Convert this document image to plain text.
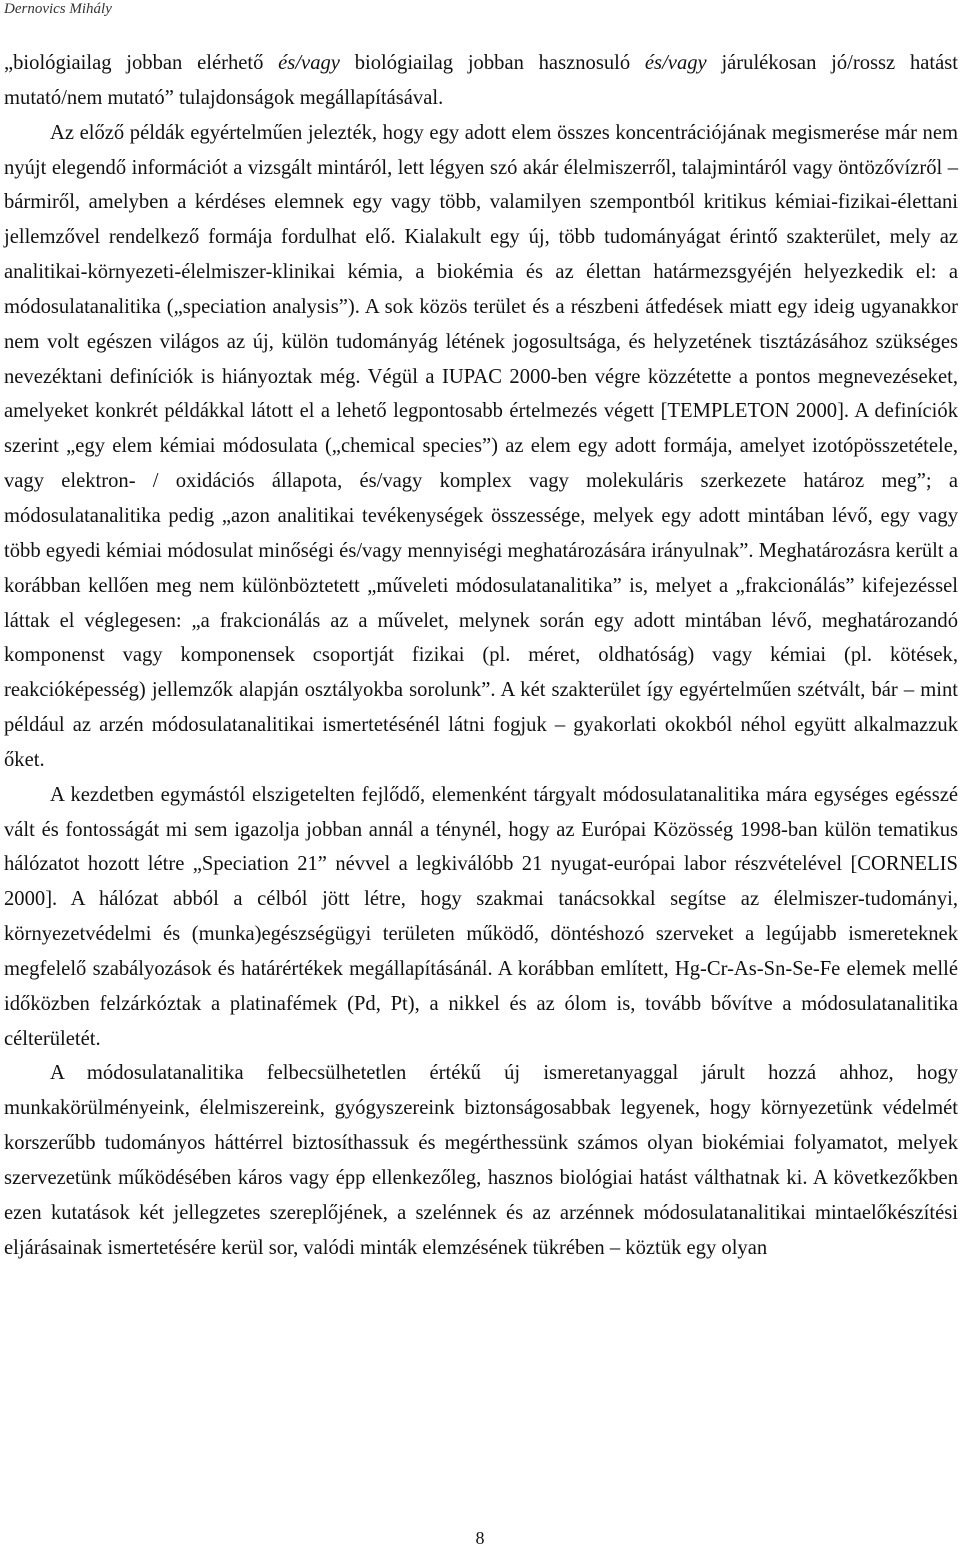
Dernovics Mihály

„biológiailag jobban elérhető és/vagy biológiailag jobban hasznosuló és/vagy járulékosan jó/rossz hatást mutató/nem mutató” tulajdonságok megállapításával.

Az előző példák egyértelműen jelezték, hogy egy adott elem összes koncentrációjának megismerése már nem nyújt elegendő információt a vizsgált mintáról, lett légyen szó akár élelmiszerről, talajmintáról vagy öntözővízről – bármiről, amelyben a kérdéses elemnek egy vagy több, valamilyen szempontból kritikus kémiai-fizikai-élettani jellemzővel rendelkező formája fordulhat elő. Kialakult egy új, több tudományágat érintő szakterület, mely az analitikai-környezeti-élelmiszer-klinikai kémia, a biokémia és az élettan határmezsgyéjén helyezkedik el: a módosulatanalitika („speciation analysis”). A sok közös terület és a részbeni átfedések miatt egy ideig ugyanakkor nem volt egészen világos az új, külön tudományág létének jogosultsága, és helyzetének tisztázásához szükséges nevezéktani definíciók is hiányoztak még. Végül a IUPAC 2000-ben végre közzétette a pontos megnevezéseket, amelyeket konkrét példákkal látott el a lehető legpontosabb értelmezés végett [TEMPLETON 2000]. A definíciók szerint „egy elem kémiai módosulata („chemical species”) az elem egy adott formája, amelyet izotópösszetétele, vagy elektron- / oxidációs állapota, és/vagy komplex vagy molekuláris szerkezete határoz meg”; a módosulatanalitika pedig „azon analitikai tevékenységek összessége, melyek egy adott mintában lévő, egy vagy több egyedi kémiai módosulat minőségi és/vagy mennyiségi meghatározására irányulnak”. Meghatározásra került a korábban kellően meg nem különböztetett „műveleti módosulatanalitika” is, melyet a „frakcionálás” kifejezéssel láttak el véglegesen: „a frakcionálás az a művelet, melynek során egy adott mintában lévő, meghatározandó komponenst vagy komponensek csoportját fizikai (pl. méret, oldhatóság) vagy kémiai (pl. kötések, reakcióképesség) jellemzők alapján osztályokba sorolunk”. A két szakterület így egyértelműen szétvált, bár – mint például az arzén módosulatanalitikai ismertetésénél látni fogjuk – gyakorlati okokból néhol együtt alkalmazzuk őket.

A kezdetben egymástól elszigetelten fejlődő, elemenként tárgyalt módosulatanalitika mára egységes egésszé vált és fontosságát mi sem igazolja jobban annál a ténynél, hogy az Európai Közösség 1998-ban külön tematikus hálózatot hozott létre „Speciation 21” névvel a legkiválóbb 21 nyugat-európai labor részvételével [CORNELIS 2000]. A hálózat abból a célból jött létre, hogy szakmai tanácsokkal segítse az élelmiszer-tudományi, környezetvédelmi és (munka)egészségügyi területen működő, döntéshozó szerveket a legújabb ismereteknek megfelelő szabályozások és határértékek megállapításánál. A korábban említett, Hg-Cr-As-Sn-Se-Fe elemek mellé időközben felzárkóztak a platinafémek (Pd, Pt), a nikkel és az ólom is, tovább bővítve a módosulatanalitika célterületét.

A módosulatanalitika felbecsülhetetlen értékű új ismeretanyaggal járult hozzá ahhoz, hogy munkakörülményeink, élelmiszereink, gyógyszereink biztonságosabbak legyenek, hogy környezetünk védelmét korszerűbb tudományos háttérrel biztosíthassuk és megérthessünk számos olyan biokémiai folyamatot, melyek szervezetünk működésében káros vagy épp ellenkezőleg, hasznos biológiai hatást válthatnak ki. A következőkben ezen kutatások két jellegzetes szereplőjének, a szelénnek és az arzénnek módosulatanalitikai mintaelőkészítési eljárásainak ismertetésére kerül sor, valódi minták elemzésének tükrében – köztük egy olyan

8
